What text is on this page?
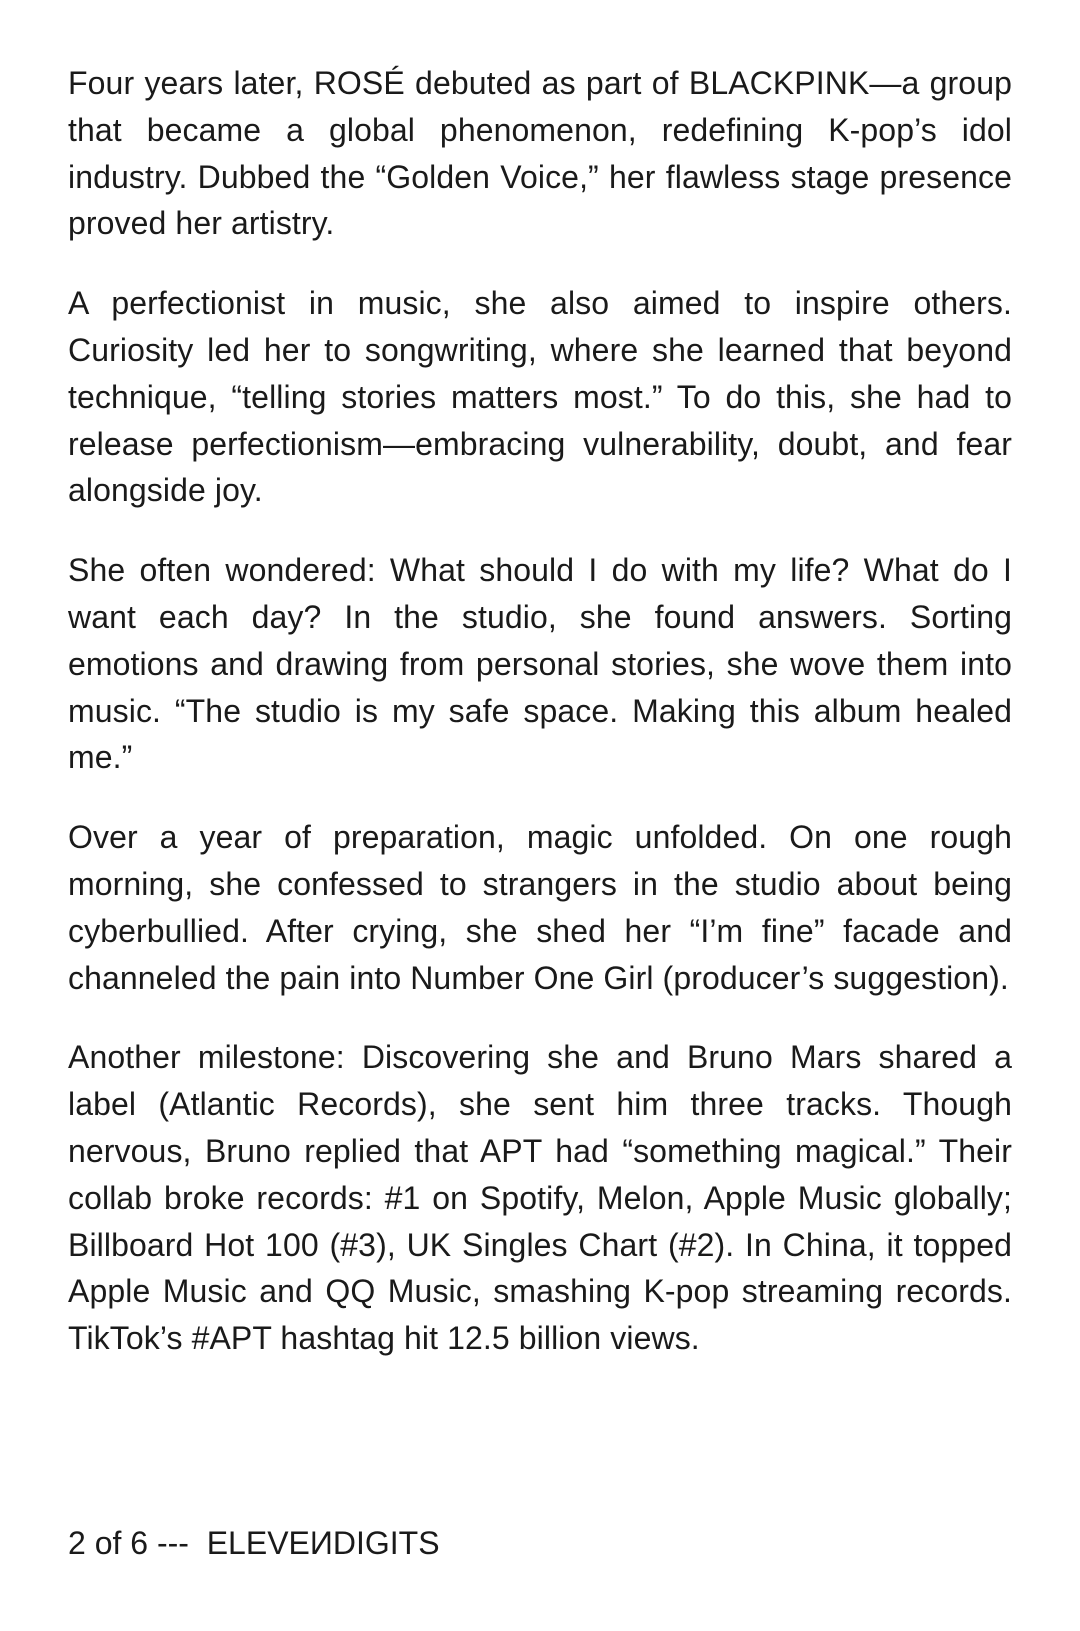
Four years later, ROSÉ debuted as part of BLACKPINK—a group that became a global phenomenon, redefining K-pop’s idol industry. Dubbed the “Golden Voice,” her flawless stage presence proved her artistry.

A perfectionist in music, she also aimed to inspire others. Curiosity led her to songwriting, where she learned that beyond technique, “telling stories matters most.” To do this, she had to release perfectionism—embracing vulnerability, doubt, and fear alongside joy.

She often wondered: What should I do with my life? What do I want each day? In the studio, she found answers. Sorting emotions and drawing from personal stories, she wove them into music. “The studio is my safe space. Making this album healed me.”

Over a year of preparation, magic unfolded. On one rough morning, she confessed to strangers in the studio about being cyberbullied. After crying, she shed her “I’m fine” facade and channeled the pain into Number One Girl (producer’s suggestion).

Another milestone: Discovering she and Bruno Mars shared a label (Atlantic Records), she sent him three tracks. Though nervous, Bruno replied that APT had “something magical.” Their collab broke records: #1 on Spotify, Melon, Apple Music globally; Billboard Hot 100 (#3), UK Singles Chart (#2). In China, it topped Apple Music and QQ Music, smashing K-pop streaming records. TikTok’s #APT hashtag hit 12.5 billion views.

2 of 6 ---  ELEVEИDIGITS
